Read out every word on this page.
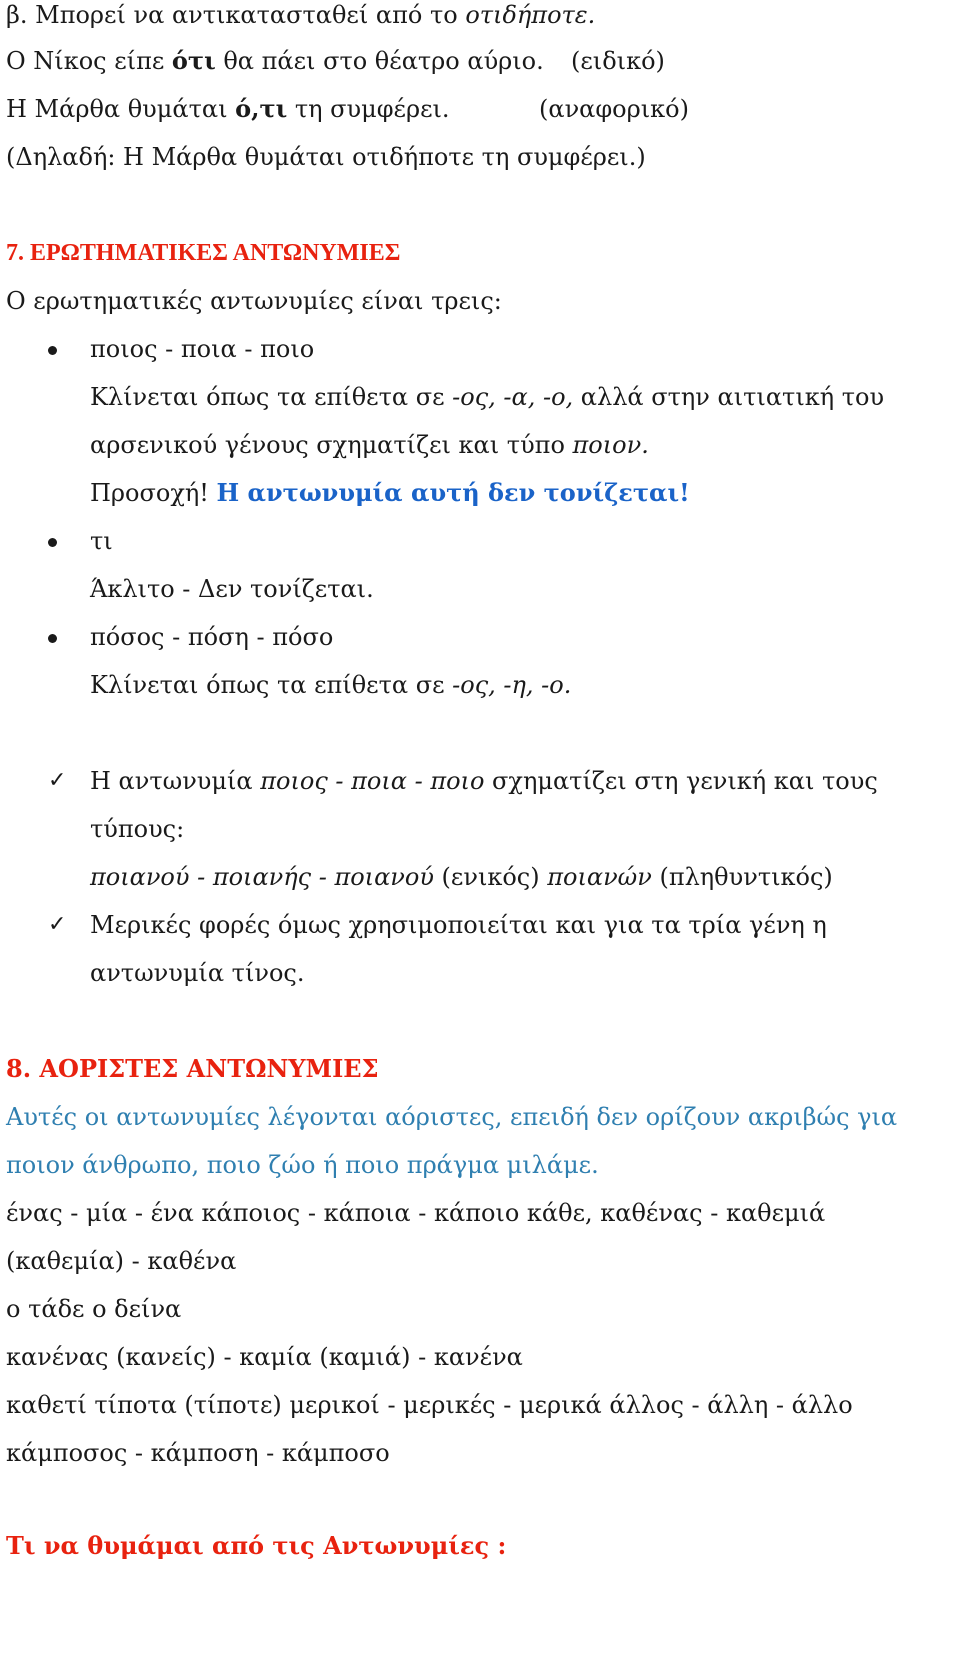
β. Μπορεί να αντικατασταθεί από το οτιδήποτε.
Ο Νίκος είπε ότι θα πάει στο θέατρο αύριο. (ειδικό)
Η Μάρθα θυμάται ό,τι τη συμφέρει.	(αναφορικό)
(Δηλαδή: Η Μάρθα θυμάται οτιδήποτε τη συμφέρει.)
7. ΕΡΩΤΗΜΑΤΙΚΕΣ ΑΝΤΩΝΥΜΙΕΣ
Ο ερωτηματικές αντωνυμίες είναι τρεις:
ποιος - ποια - ποιο
Κλίνεται όπως τα επίθετα σε -ος, -α, -ο, αλλά στην αιτιατική του
αρσενικού γένους σχηματίζει και τύπο ποιον.
Προσοχή! Η αντωνυμία αυτή δεν τονίζεται!
τι
Άκλιτο - Δεν τονίζεται.
πόσος - πόση - πόσο
Κλίνεται όπως τα επίθετα σε -ος, -η, -ο.
✓ Η αντωνυμία ποιος - ποια - ποιο σχηματίζει στη γενική και τους
τύπους:
ποιανού - ποιανής - ποιανού (ενικός) ποιανών (πληθυντικός)
✓ Μερικές φορές όμως χρησιμοποιείται και για τα τρία γένη η
αντωνυμία τίνος.
8. ΑΟΡΙΣΤΕΣ ΑΝΤΩΝΥΜΙΕΣ
Αυτές οι αντωνυμίες λέγονται αόριστες, επειδή δεν ορίζουν ακριβώς για
ποιον άνθρωπο, ποιο ζώο ή ποιο πράγμα μιλάμε.
ένας - μία - ένα κάποιος - κάποια - κάποιο κάθε, καθένας - καθεμιά
(καθεμία) - καθένα
ο τάδε ο δείνα
κανένας (κανείς) - καμία (καμιά) - κανένα
καθετί τίποτα (τίποτε) μερικοί - μερικές - μερικά άλλος - άλλη - άλλο
κάμποσος - κάμποση - κάμποσο
Τι να θυμάμαι από τις Αντωνυμίες :
